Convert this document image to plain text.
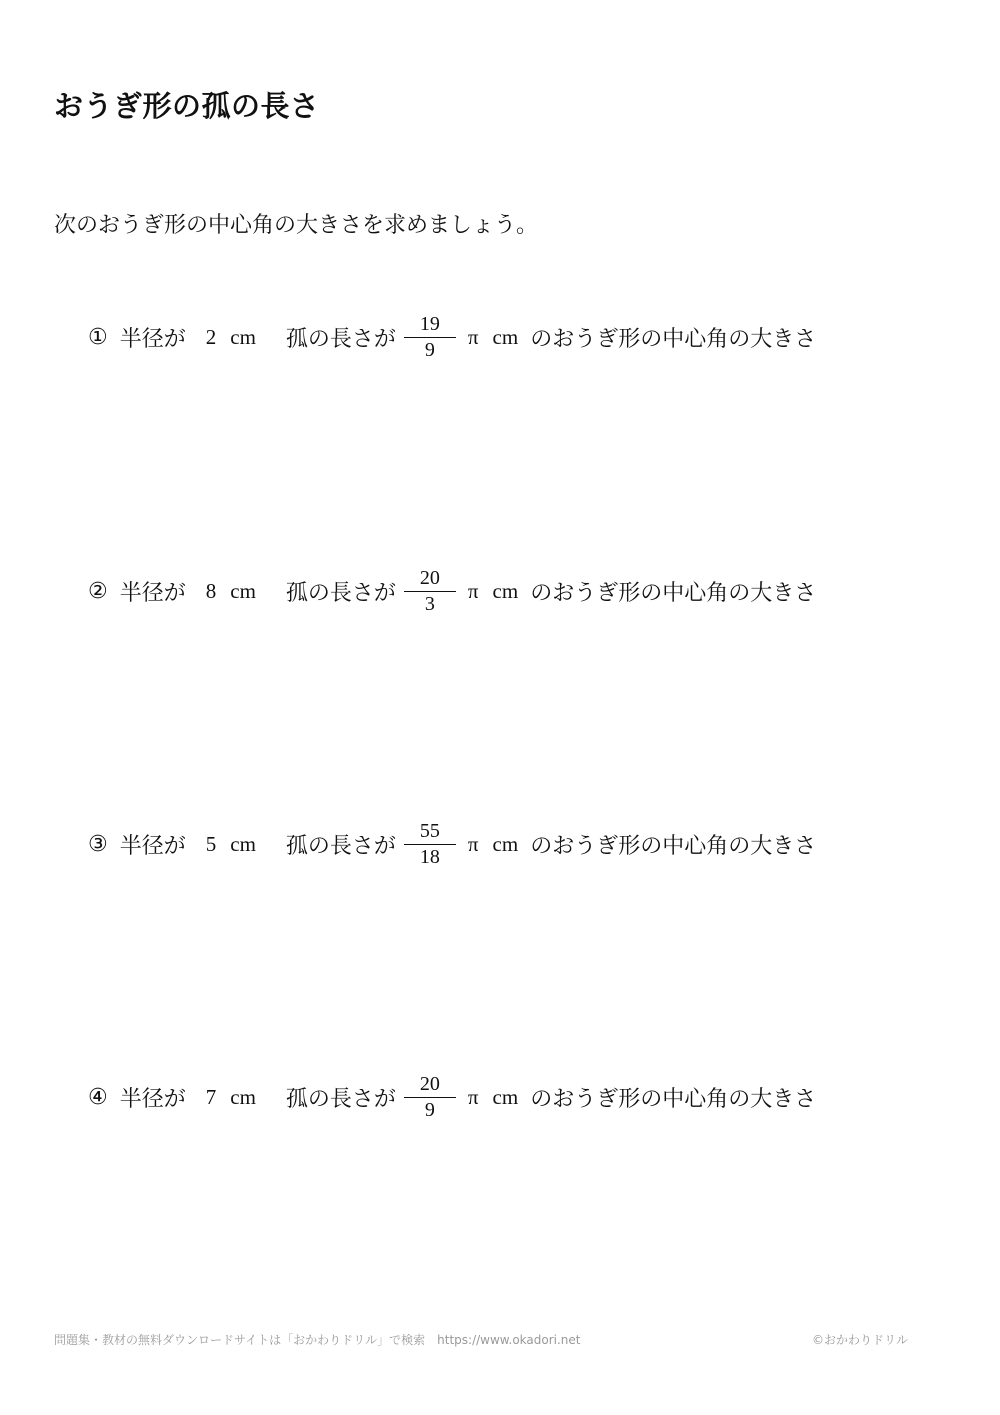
おうぎ形の孤の長さ
次のおうぎ形の中心角の大きさを求めましょう。
① 半径が 2 cm 孤の長さが $\frac{19}{9}$ π cm のおうぎ形の中心角の大きさ
② 半径が 8 cm 孤の長さが $\frac{20}{3}$ π cm のおうぎ形の中心角の大きさ
③ 半径が 5 cm 孤の長さが $\frac{55}{18}$ π cm のおうぎ形の中心角の大きさ
④ 半径が 7 cm 孤の長さが $\frac{20}{9}$ π cm のおうぎ形の中心角の大きさ
問題集・教材の無料ダウンロードサイトは「おかわりドリル」で検索　https://www.okadori.net	©おかわりドリル
